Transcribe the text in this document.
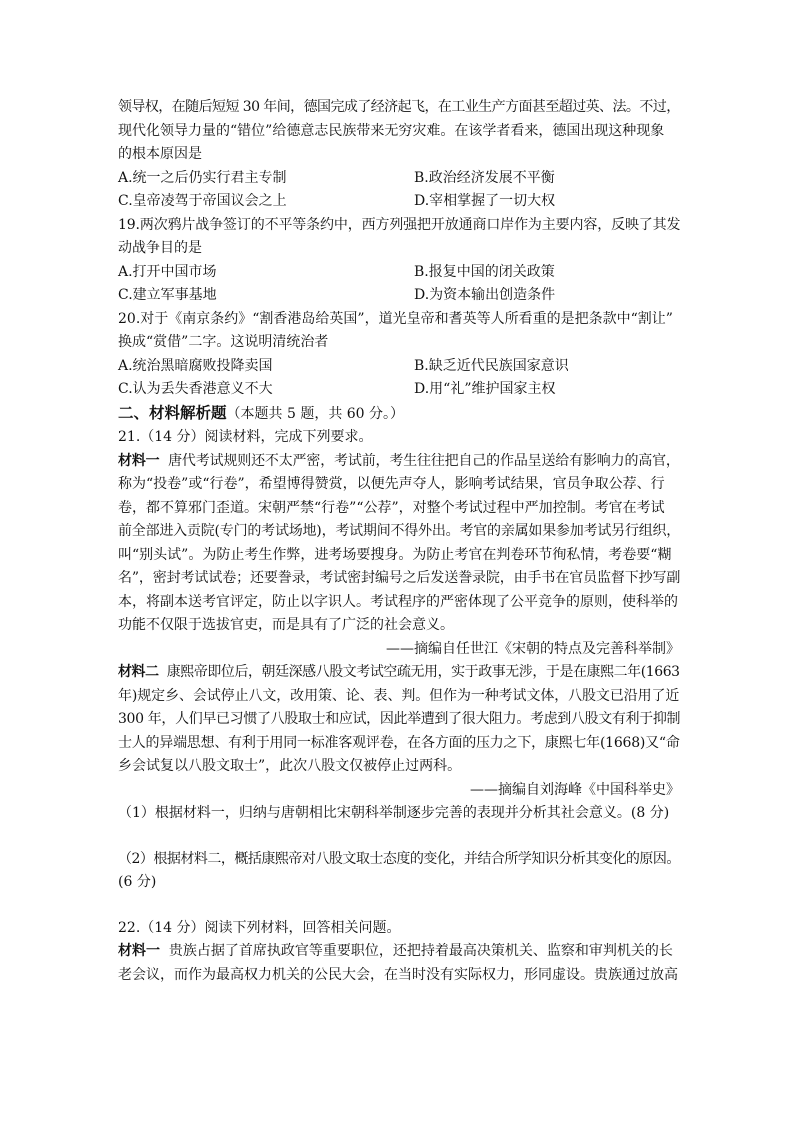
领导权，在随后短短 30 年间，德国完成了经济起飞，在工业生产方面甚至超过英、法。不过，

现代化领导力量的“错位”给德意志民族带来无穷灾难。在该学者看来，德国出现这种现象

的根本原因是

A.统一之后仍实行君主专制	B.政治经济发展不平衡
C.皇帝凌驾于帝国议会之上	D.宰相掌握了一切大权

19.两次鸦片战争签订的不平等条约中，西方列强把开放通商口岸作为主要内容，反映了其发

动战争目的是

A.打开中国市场	B.报复中国的闭关政策
C.建立军事基地	D.为资本输出创造条件

20.对于《南京条约》“割香港岛给英国”，道光皇帝和耆英等人所看重的是把条款中“割让”

换成“赏借”二字。这说明清统治者

A.统治黑暗腐败投降卖国	B.缺乏近代民族国家意识
C.认为丢失香港意义不大	D.用“礼”维护国家主权

二、材料解析题（本题共 5 题，共 60 分。）

21.（14 分）阅读材料，完成下列要求。

材料一  唐代考试规则还不太严密，考试前，考生往往把自己的作品呈送给有影响力的高官，

称为“投卷”或“行卷”，希望博得赞赏，以便先声夺人，影响考试结果，官员争取公荐、行

卷，都不算邪门歪道。宋朝严禁“行卷”“公荐”，对整个考试过程中严加控制。考官在考试

前全部进入贡院(专门的考试场地)，考试期间不得外出。考官的亲属如果参加考试另行组织，

叫“别头试”。为防止考生作弊，进考场要搜身。为防止考官在判卷环节徇私情，考卷要“糊

名”，密封考试试卷；还要誊录，考试密封编号之后发送誊录院，由手书在官员监督下抄写副

本，将副本送考官评定，防止以字识人。考试程序的严密体现了公平竞争的原则，使科举的

功能不仅限于选拔官吏，而是具有了广泛的社会意义。

——摘编自任世江《宋朝的特点及完善科举制》

材料二  康熙帝即位后，朝廷深感八股文考试空疏无用，实于政事无涉，于是在康熙二年(1663

年)规定乡、会试停止八文，改用策、论、表、判。但作为一种考试文体，八股文已沿用了近

300 年，人们早已习惯了八股取士和应试，因此举遭到了很大阻力。考虑到八股文有利于抑制

士人的异端思想、有利于用同一标准客观评卷，在各方面的压力之下，康熙七年(1668)又“命

乡会试复以八股文取士”，此次八股文仅被停止过两科。

——摘编自刘海峰《中国科举史》

（1）根据材料一，归纳与唐朝相比宋朝科举制逐步完善的表现并分析其社会意义。(8 分)

（2）根据材料二，概括康熙帝对八股文取士态度的变化，并结合所学知识分析其变化的原因。

(6 分)

22.（14 分）阅读下列材料，回答相关问题。

材料一  贵族占据了首席执政官等重要职位，还把持着最高决策机关、监察和审判机关的长

老会议，而作为最高权力机关的公民大会，在当时没有实际权力，形同虚设。贵族通过放高
